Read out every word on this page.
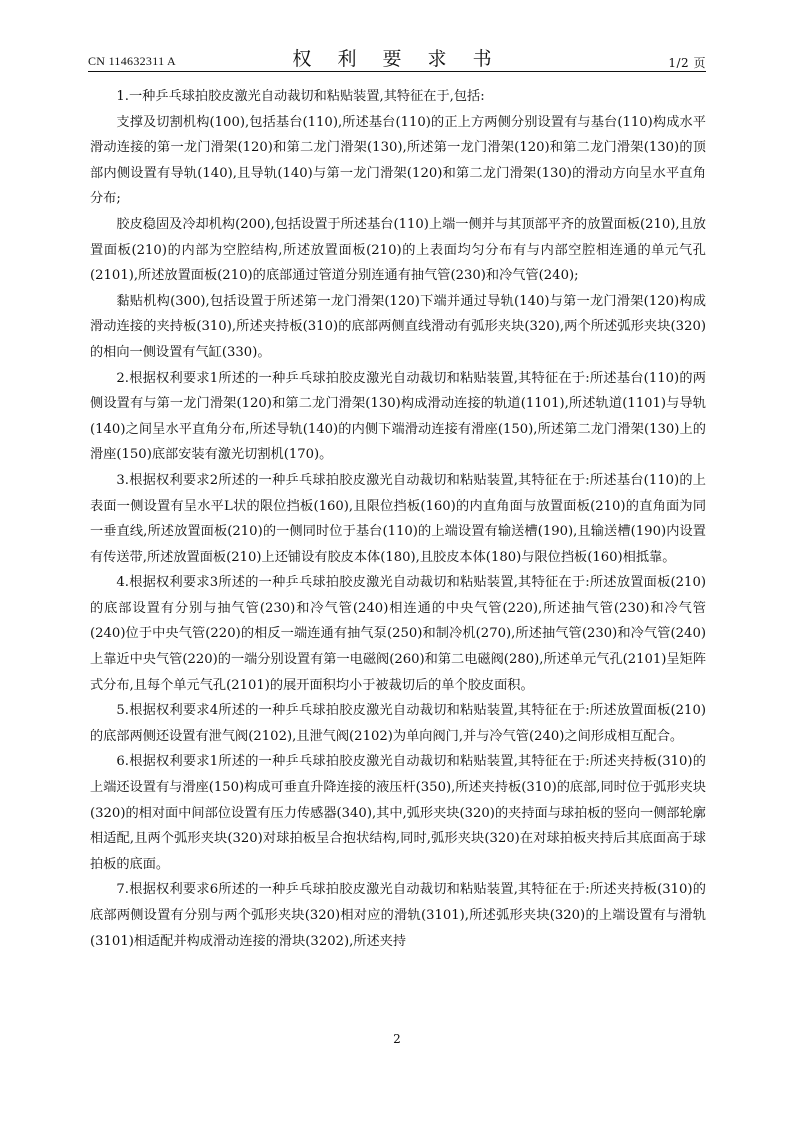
CN 114632311 A	权 利 要 求 书	1/2 页

1.一种乒乓球拍胶皮激光自动裁切和粘贴装置,其特征在于,包括:

支撑及切割机构(100),包括基台(110),所述基台(110)的正上方两侧分别设置有与基台(110)构成水平滑动连接的第一龙门滑架(120)和第二龙门滑架(130),所述第一龙门滑架(120)和第二龙门滑架(130)的顶部内侧设置有导轨(140),且导轨(140)与第一龙门滑架(120)和第二龙门滑架(130)的滑动方向呈水平直角分布;

胶皮稳固及冷却机构(200),包括设置于所述基台(110)上端一侧并与其顶部平齐的放置面板(210),且放置面板(210)的内部为空腔结构,所述放置面板(210)的上表面均匀分布有与内部空腔相连通的单元气孔(2101),所述放置面板(210)的底部通过管道分别连通有抽气管(230)和冷气管(240);

黏贴机构(300),包括设置于所述第一龙门滑架(120)下端并通过导轨(140)与第一龙门滑架(120)构成滑动连接的夹持板(310),所述夹持板(310)的底部两侧直线滑动有弧形夹块(320),两个所述弧形夹块(320)的相向一侧设置有气缸(330)。

2.根据权利要求1所述的一种乒乓球拍胶皮激光自动裁切和粘贴装置,其特征在于:所述基台(110)的两侧设置有与第一龙门滑架(120)和第二龙门滑架(130)构成滑动连接的轨道(1101),所述轨道(1101)与导轨(140)之间呈水平直角分布,所述导轨(140)的内侧下端滑动连接有滑座(150),所述第二龙门滑架(130)上的滑座(150)底部安装有激光切割机(170)。

3.根据权利要求2所述的一种乒乓球拍胶皮激光自动裁切和粘贴装置,其特征在于:所述基台(110)的上表面一侧设置有呈水平L状的限位挡板(160),且限位挡板(160)的内直角面与放置面板(210)的直角面为同一垂直线,所述放置面板(210)的一侧同时位于基台(110)的上端设置有输送槽(190),且输送槽(190)内设置有传送带,所述放置面板(210)上还铺设有胶皮本体(180),且胶皮本体(180)与限位挡板(160)相抵靠。

4.根据权利要求3所述的一种乒乓球拍胶皮激光自动裁切和粘贴装置,其特征在于:所述放置面板(210)的底部设置有分别与抽气管(230)和冷气管(240)相连通的中央气管(220),所述抽气管(230)和冷气管(240)位于中央气管(220)的相反一端连通有抽气泵(250)和制冷机(270),所述抽气管(230)和冷气管(240)上靠近中央气管(220)的一端分别设置有第一电磁阀(260)和第二电磁阀(280),所述单元气孔(2101)呈矩阵式分布,且每个单元气孔(2101)的展开面积均小于被裁切后的单个胶皮面积。

5.根据权利要求4所述的一种乒乓球拍胶皮激光自动裁切和粘贴装置,其特征在于:所述放置面板(210)的底部两侧还设置有泄气阀(2102),且泄气阀(2102)为单向阀门,并与冷气管(240)之间形成相互配合。

6.根据权利要求1所述的一种乒乓球拍胶皮激光自动裁切和粘贴装置,其特征在于:所述夹持板(310)的上端还设置有与滑座(150)构成可垂直升降连接的液压杆(350),所述夹持板(310)的底部,同时位于弧形夹块(320)的相对面中间部位设置有压力传感器(340),其中,弧形夹块(320)的夹持面与球拍板的竖向一侧部轮廓相适配,且两个弧形夹块(320)对球拍板呈合抱状结构,同时,弧形夹块(320)在对球拍板夹持后其底面高于球拍板的底面。

7.根据权利要求6所述的一种乒乓球拍胶皮激光自动裁切和粘贴装置,其特征在于:所述夹持板(310)的底部两侧设置有分别与两个弧形夹块(320)相对应的滑轨(3101),所述弧形夹块(320)的上端设置有与滑轨(3101)相适配并构成滑动连接的滑块(3202),所述夹持

2
